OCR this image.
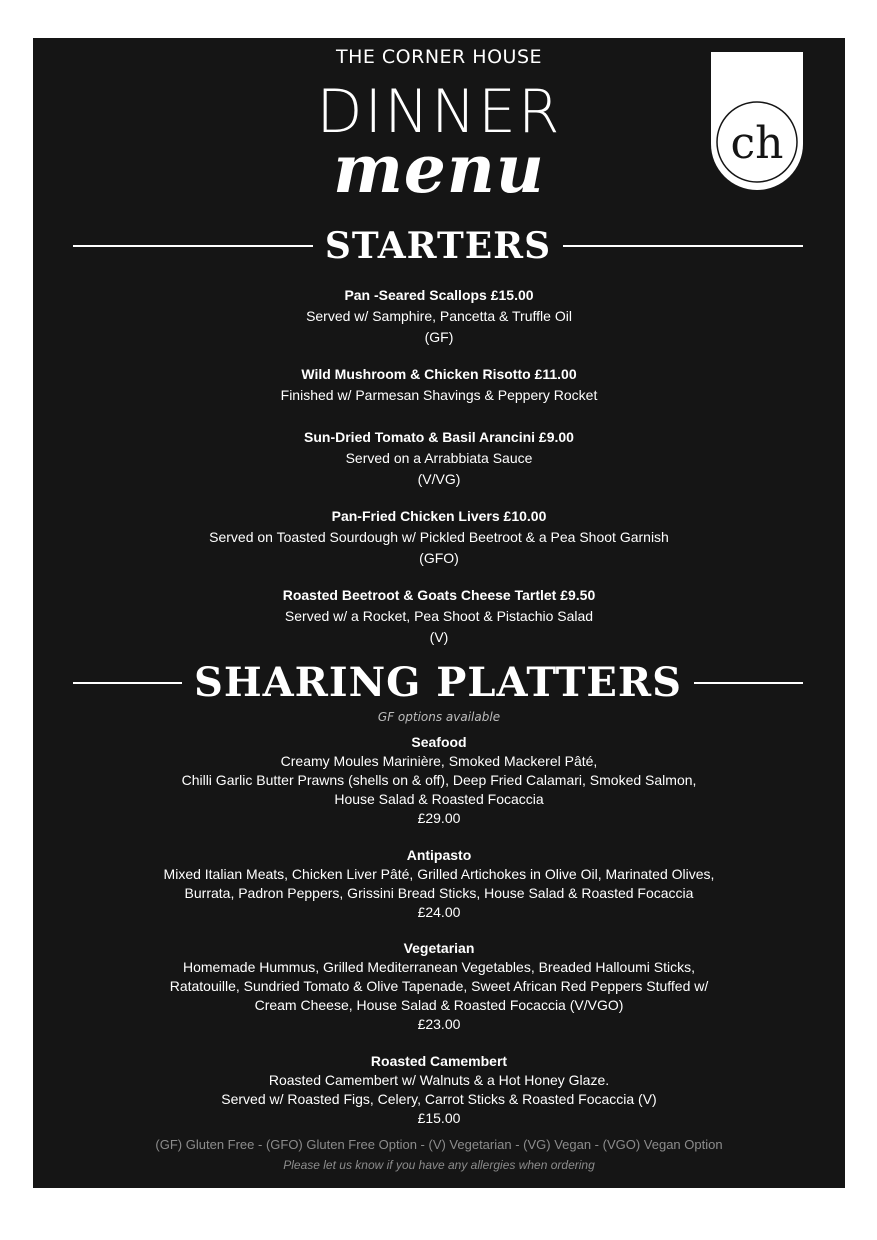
THE CORNER HOUSE
DINNER
menu	ch
STARTERS
Pan -Seared Scallops £15.00
Served w/ Samphire, Pancetta & Truffle Oil
(GF)
Wild Mushroom & Chicken Risotto £11.00
Finished w/ Parmesan Shavings & Peppery Rocket
Sun-Dried Tomato & Basil Arancini £9.00
Served on a Arrabbiata Sauce
(V/VG)
Pan-Fried Chicken Livers £10.00
Served on Toasted Sourdough w/ Pickled Beetroot & a Pea Shoot Garnish
(GFO)
Roasted Beetroot & Goats Cheese Tartlet £9.50
Served w/ a Rocket, Pea Shoot & Pistachio Salad
(V)
SHARING PLATTERS
GF options available
Seafood
Creamy Moules Marinière, Smoked Mackerel Pâté,
Chilli Garlic Butter Prawns (shells on & off), Deep Fried Calamari, Smoked Salmon,
House Salad & Roasted Focaccia
£29.00
Antipasto
Mixed Italian Meats, Chicken Liver Pâté, Grilled Artichokes in Olive Oil, Marinated Olives,
Burrata, Padron Peppers, Grissini Bread Sticks, House Salad & Roasted Focaccia
£24.00
Vegetarian
Homemade Hummus, Grilled Mediterranean Vegetables, Breaded Halloumi Sticks,
Ratatouille, Sundried Tomato & Olive Tapenade, Sweet African Red Peppers Stuffed w/
Cream Cheese, House Salad & Roasted Focaccia (V/VGO)
£23.00
Roasted Camembert
Roasted Camembert w/ Walnuts & a Hot Honey Glaze.
Served w/ Roasted Figs, Celery, Carrot Sticks & Roasted Focaccia (V)
£15.00
(GF) Gluten Free - (GFO) Gluten Free Option - (V) Vegetarian - (VG) Vegan - (VGO) Vegan Option
Please let us know if you have any allergies when ordering
